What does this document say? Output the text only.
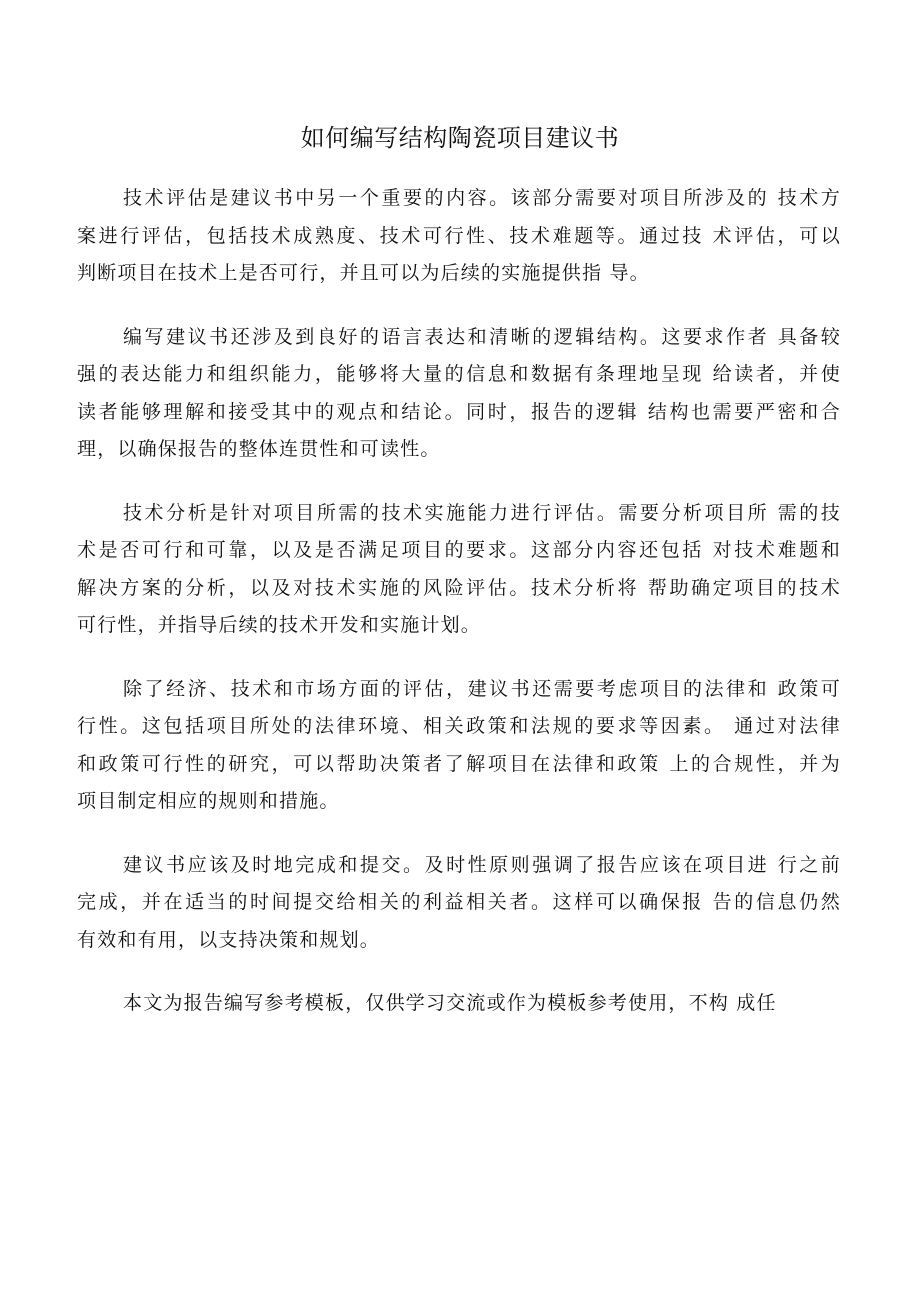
如何编写结构陶瓷项目建议书

技术评估是建议书中另一个重要的内容。该部分需要对项目所涉及的 技术方
案进行评估，包括技术成熟度、技术可行性、技术难题等。通过技 术评估，可以
判断项目在技术上是否可行，并且可以为后续的实施提供指 导。

编写建议书还涉及到良好的语言表达和清晰的逻辑结构。这要求作者 具备较
强的表达能力和组织能力，能够将大量的信息和数据有条理地呈现 给读者，并使
读者能够理解和接受其中的观点和结论。同时，报告的逻辑 结构也需要严密和合
理，以确保报告的整体连贯性和可读性。

技术分析是针对项目所需的技术实施能力进行评估。需要分析项目所 需的技
术是否可行和可靠，以及是否满足项目的要求。这部分内容还包括 对技术难题和
解决方案的分析，以及对技术实施的风险评估。技术分析将 帮助确定项目的技术
可行性，并指导后续的技术开发和实施计划。

除了经济、技术和市场方面的评估，建议书还需要考虑项目的法律和 政策可
行性。这包括项目所处的法律环境、相关政策和法规的要求等因素。 通过对法律
和政策可行性的研究，可以帮助决策者了解项目在法律和政策 上的合规性，并为
项目制定相应的规则和措施。

建议书应该及时地完成和提交。及时性原则强调了报告应该在项目进 行之前
完成，并在适当的时间提交给相关的利益相关者。这样可以确保报 告的信息仍然
有效和有用，以支持决策和规划。

本文为报告编写参考模板，仅供学习交流或作为模板参考使用，不构 成任
